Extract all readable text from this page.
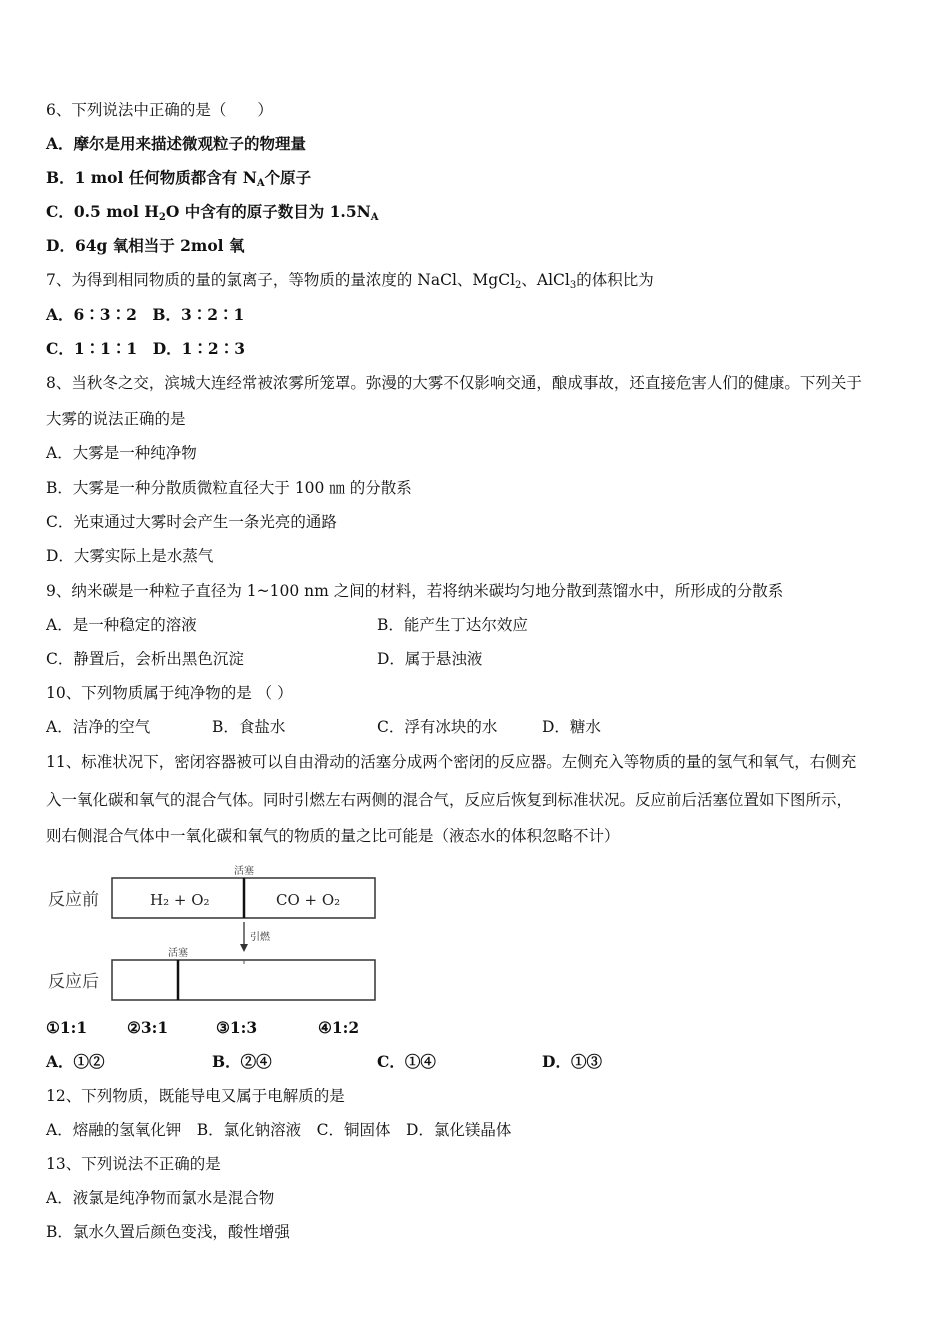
6、下列说法中正确的是（　　）
A．摩尔是用来描述微观粒子的物理量
B．1 mol 任何物质都含有 $N_A$个原子
C．0.5 mol $H_2O$ 中含有的原子数目为 $1.5N_A$
D．64g 氧相当于 2mol 氧
7、为得到相同物质的量的氯离子，等物质的量浓度的 NaCl、MgCl$_2$、AlCl$_3$的体积比为
A．6∶3∶2　B．3∶2∶1
C．1∶1∶1　D．1∶2∶3
8、当秋冬之交，滨城大连经常被浓雾所笼罩。弥漫的大雾不仅影响交通，酿成事故，还直接危害人们的健康。下列关于
大雾的说法正确的是
A．大雾是一种纯净物
B．大雾是一种分散质微粒直径大于 100 ㎚ 的分散系
C．光束通过大雾时会产生一条光亮的通路
D．大雾实际上是水蒸气
9、纳米碳是一种粒子直径为 1~100 nm 之间的材料，若将纳米碳均匀地分散到蒸馏水中，所形成的分散系
A．是一种稳定的溶液	B．能产生丁达尔效应
C．静置后，会析出黑色沉淀	D．属于悬浊液
10、下列物质属于纯净物的是 （ ）
A．洁净的空气	B．食盐水	C．浮有冰块的水	D．糖水
11、标准状况下，密闭容器被可以自由滑动的活塞分成两个密闭的反应器。左侧充入等物质的量的氢气和氧气，右侧充
入一氧化碳和氧气的混合气体。同时引燃左右两侧的混合气，反应后恢复到标准状况。反应前后活塞位置如下图所示，
则右侧混合气体中一氧化碳和氧气的物质的量之比可能是（液态水的体积忽略不计）
反应前
活塞
H₂ + O₂	CO + O₂
引燃
反应后
活塞
①1:1	②3:1	③1:3	④1:2
A．①②	B．②④	C．①④	D．①③
12、下列物质，既能导电又属于电解质的是
A．熔融的氢氧化钾　B．氯化钠溶液　C．铜固体　D．氯化镁晶体
13、下列说法不正确的是
A．液氯是纯净物而氯水是混合物
B．氯水久置后颜色变浅，酸性增强
